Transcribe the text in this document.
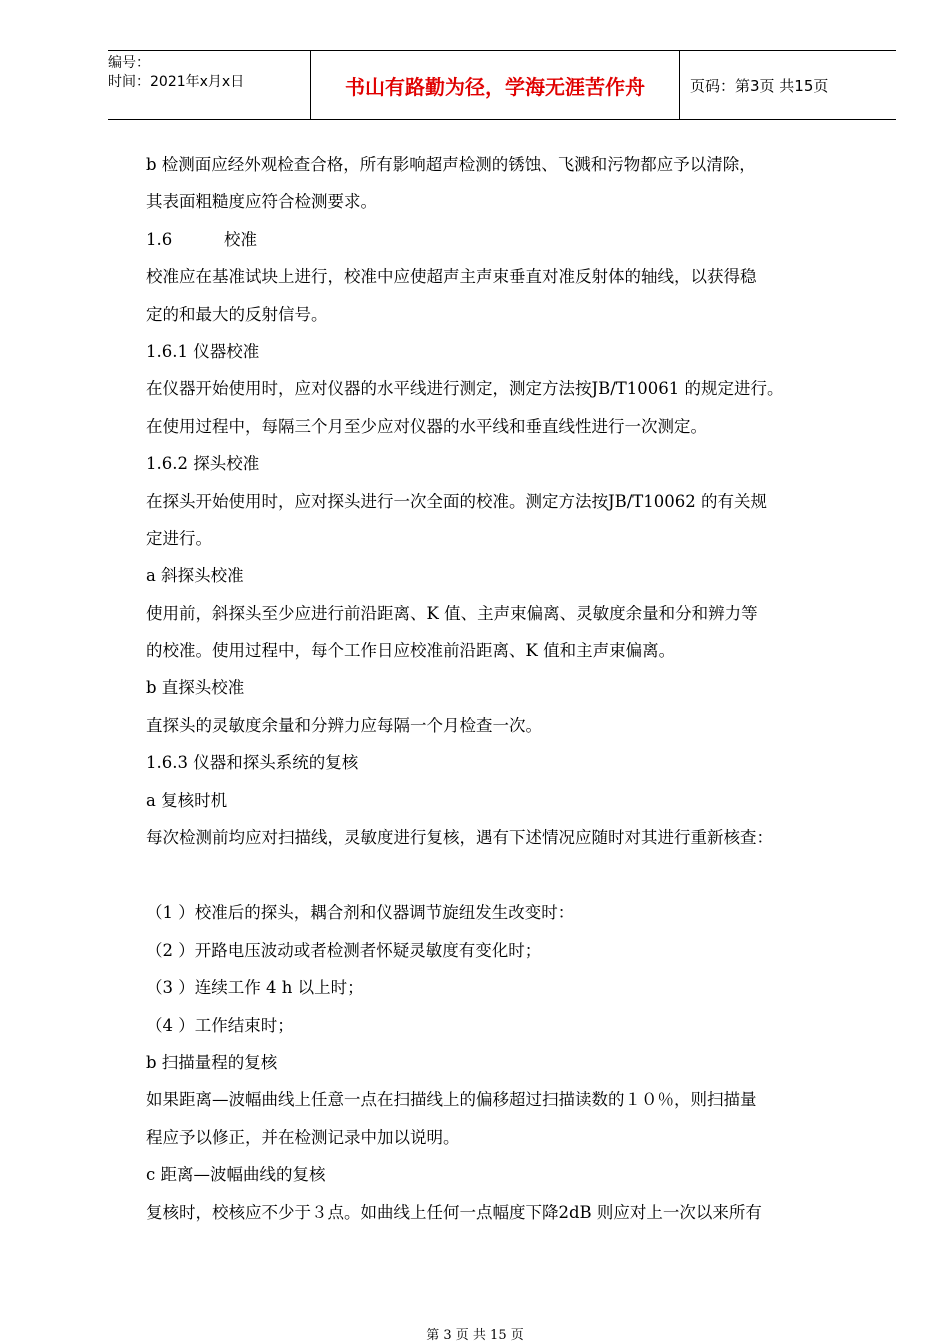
编号：
时间：2021年x月x日	书山有路勤为径，学海无涯苦作舟	页码：第3页 共15页
b 检测面应经外观检查合格，所有影响超声检测的锈蚀、飞溅和污物都应予以清除，
其表面粗糙度应符合检测要求。
1.6	校准
校准应在基准试块上进行，校准中应使超声主声束垂直对准反射体的轴线，以获得稳
定的和最大的反射信号。
1.6.1 仪器校准
在仪器开始使用时，应对仪器的水平线进行测定，测定方法按JB/T10061 的规定进行。
在使用过程中，每隔三个月至少应对仪器的水平线和垂直线性进行一次测定。
1.6.2 探头校准
在探头开始使用时，应对探头进行一次全面的校准。测定方法按JB/T10062 的有关规
定进行。
a 斜探头校准
使用前，斜探头至少应进行前沿距离、K 值、主声束偏离、灵敏度余量和分和辨力等
的校准。使用过程中，每个工作日应校准前沿距离、K 值和主声束偏离。
b 直探头校准
直探头的灵敏度余量和分辨力应每隔一个月检查一次。
1.6.3 仪器和探头系统的复核
a 复核时机
每次检测前均应对扫描线，灵敏度进行复核，遇有下述情况应随时对其进行重新核查：
（1 ）校准后的探头，耦合剂和仪器调节旋纽发生改变时：
（2 ）开路电压波动或者检测者怀疑灵敏度有变化时；
（3 ）连续工作 4 h 以上时；
（4 ）工作结束时；
b 扫描量程的复核
如果距离—波幅曲线上任意一点在扫描线上的偏移超过扫描读数的１０％，则扫描量
程应予以修正，并在检测记录中加以说明。
c 距离—波幅曲线的复核
复核时，校核应不少于３点。如曲线上任何一点幅度下降2dB 则应对上一次以来所有
第 3 页 共 15 页
